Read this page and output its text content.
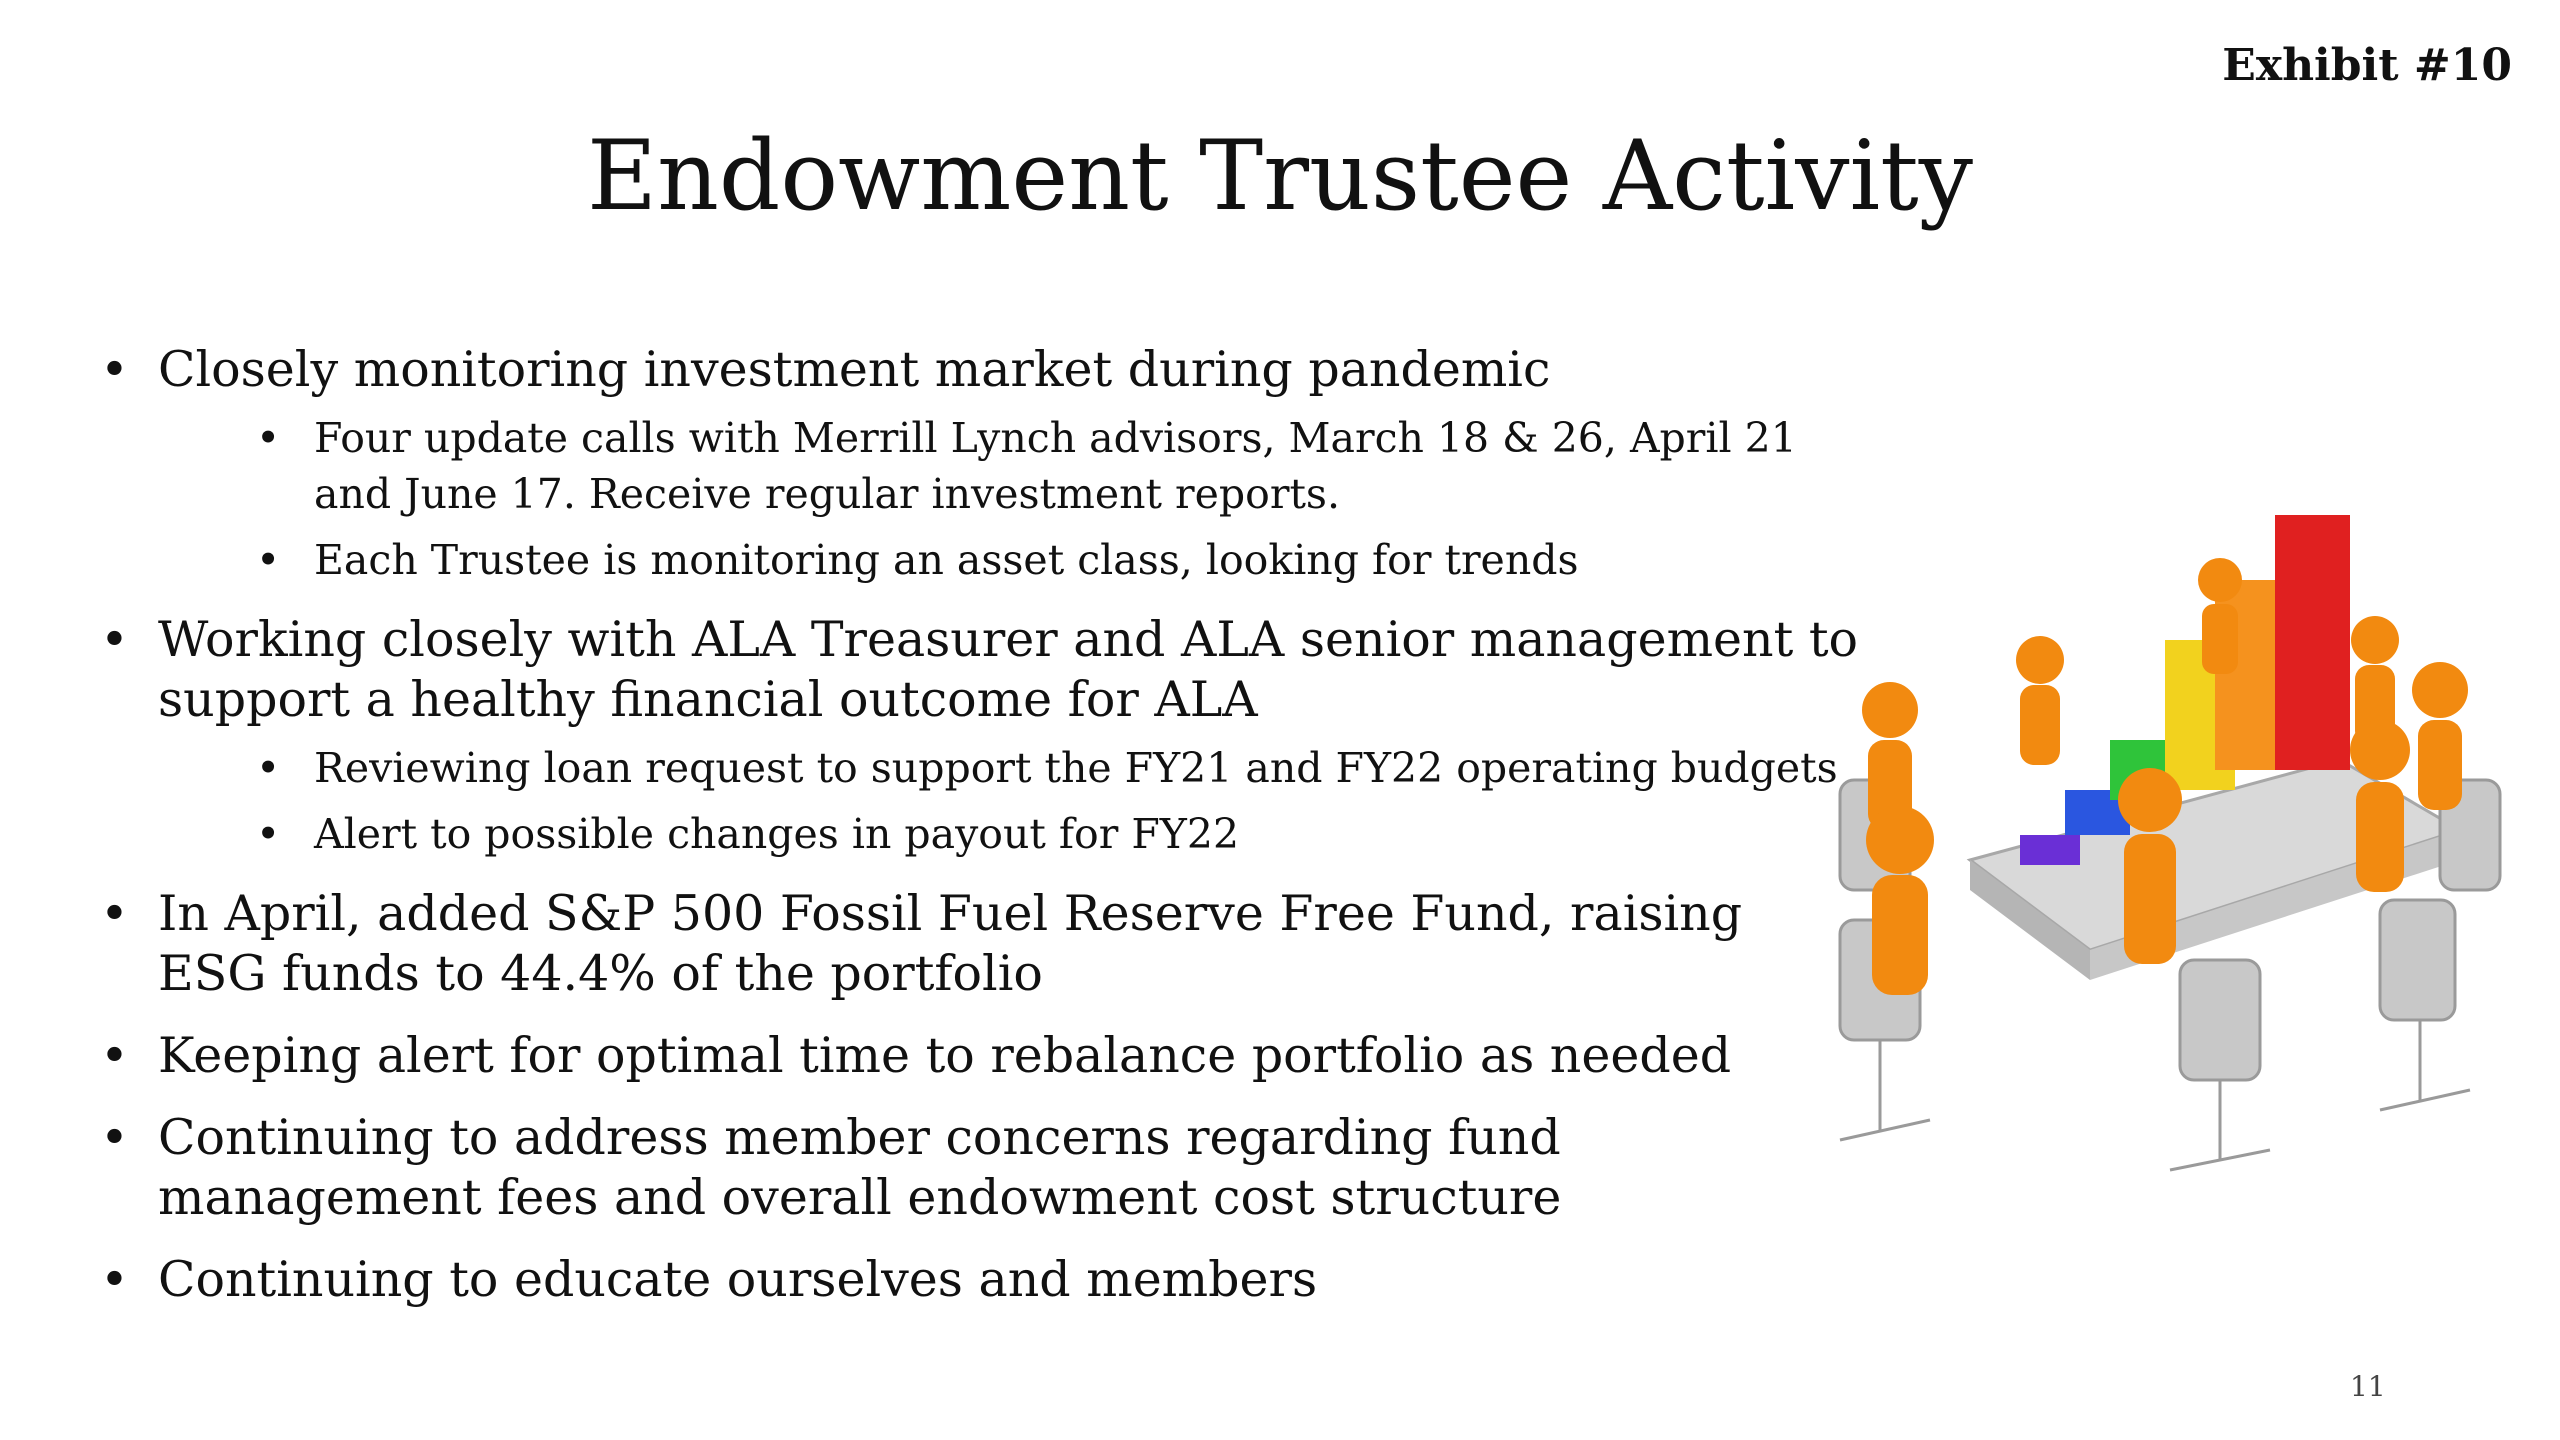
Exhibit #10
Endowment Trustee Activity
• Closely monitoring investment market during pandemic
• Four update calls with Merrill Lynch advisors, March 18 & 26, April 21 and June 17. Receive regular investment reports.
• Each Trustee is monitoring an asset class, looking for trends
• Working closely with ALA Treasurer and ALA senior management to support a healthy financial outcome for ALA
• Reviewing loan request to support the FY21 and FY22 operating budgets
• Alert to possible changes in payout for FY22
• In April, added S&P 500 Fossil Fuel Reserve Free Fund, raising ESG funds to 44.4% of the portfolio
• Keeping alert for optimal time to rebalance portfolio as needed
• Continuing to address member concerns regarding fund management fees and overall endowment cost structure
• Continuing to educate ourselves and members
11
